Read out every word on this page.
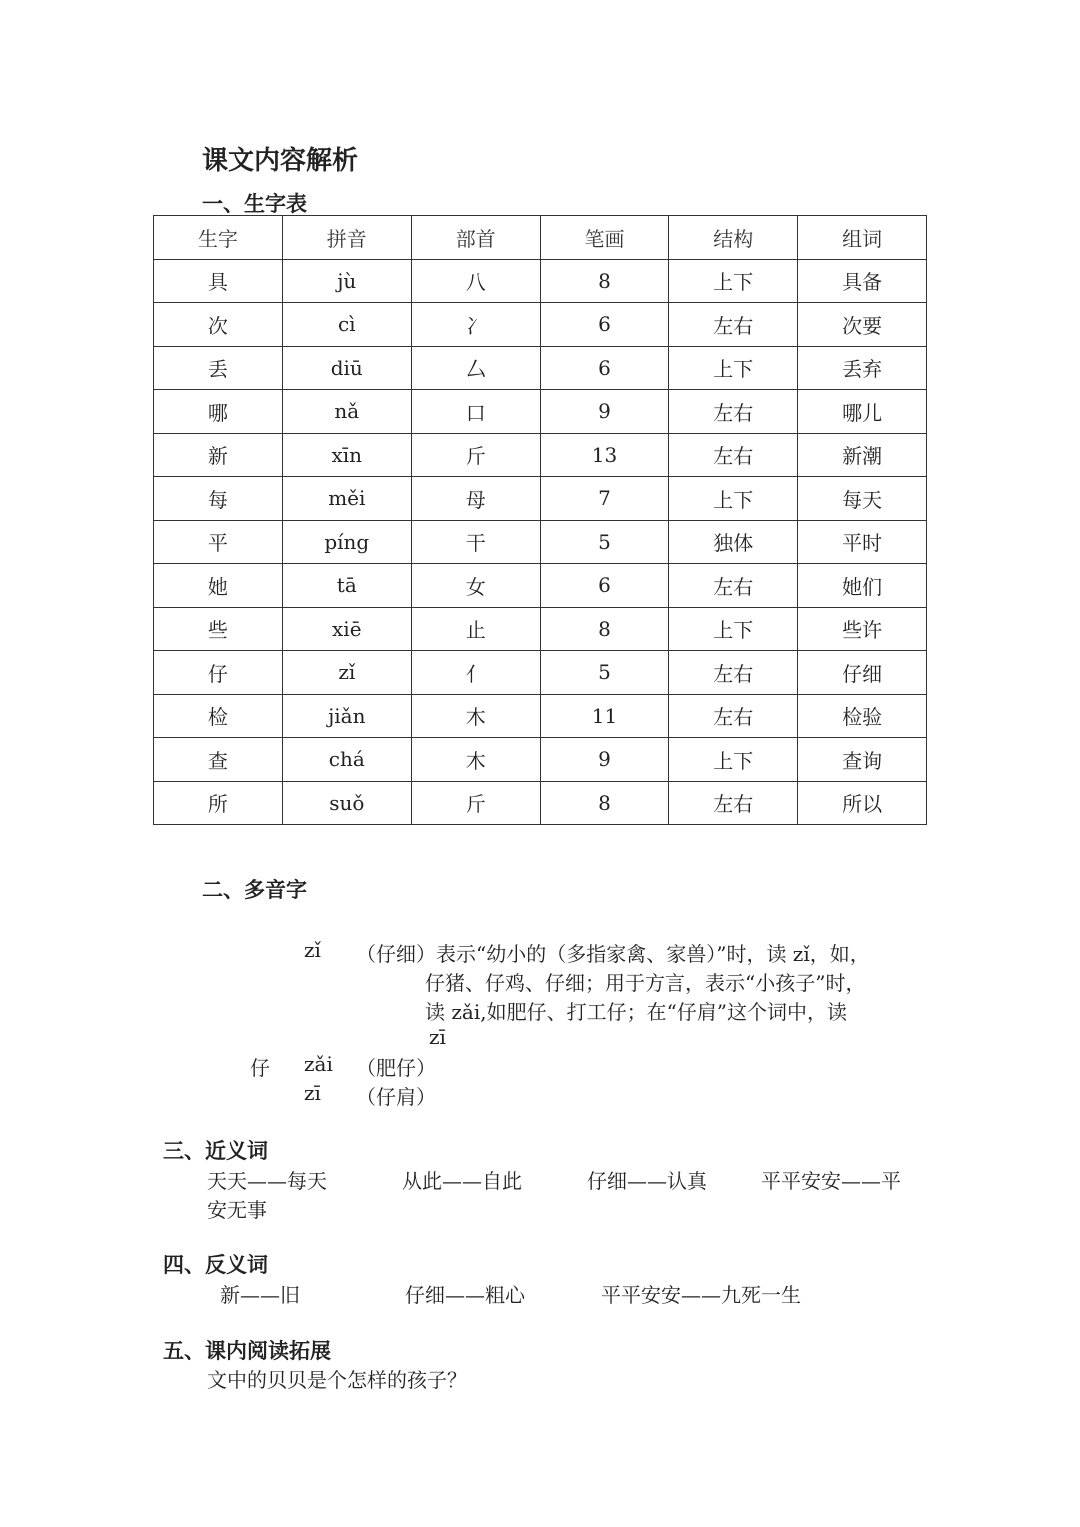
课文内容解析
一、生字表
生字	拼音	部首	笔画	结构	组词
具	jù	八	8	上下	具备
次	cì	冫	6	左右	次要
丢	diū	厶	6	上下	丢弃
哪	nǎ	口	9	左右	哪儿
新	xīn	斤	13	左右	新潮
每	měi	母	7	上下	每天
平	píng	干	5	独体	平时
她	tā	女	6	左右	她们
些	xiē	止	8	上下	些许
仔	zǐ	亻	5	左右	仔细
检	jiǎn	木	11	左右	检验
查	chá	木	9	上下	查询
所	suǒ	斤	8	左右	所以
二、多音字
zǐ （仔细）表示“幼小的（多指家禽、家兽）”时，读 zǐ，如，
仔猪、仔鸡、仔细；用于方言，表示“小孩子”时，
读 zǎi,如肥仔、打工仔；在“仔肩”这个词中，读
zī
仔 zǎi （肥仔）
zī （仔肩）
三、近义词
天天——每天	从此——自此	仔细——认真	平平安安——平
安无事
四、反义词
新——旧	仔细——粗心	平平安安——九死一生
五、课内阅读拓展
文中的贝贝是个怎样的孩子？
